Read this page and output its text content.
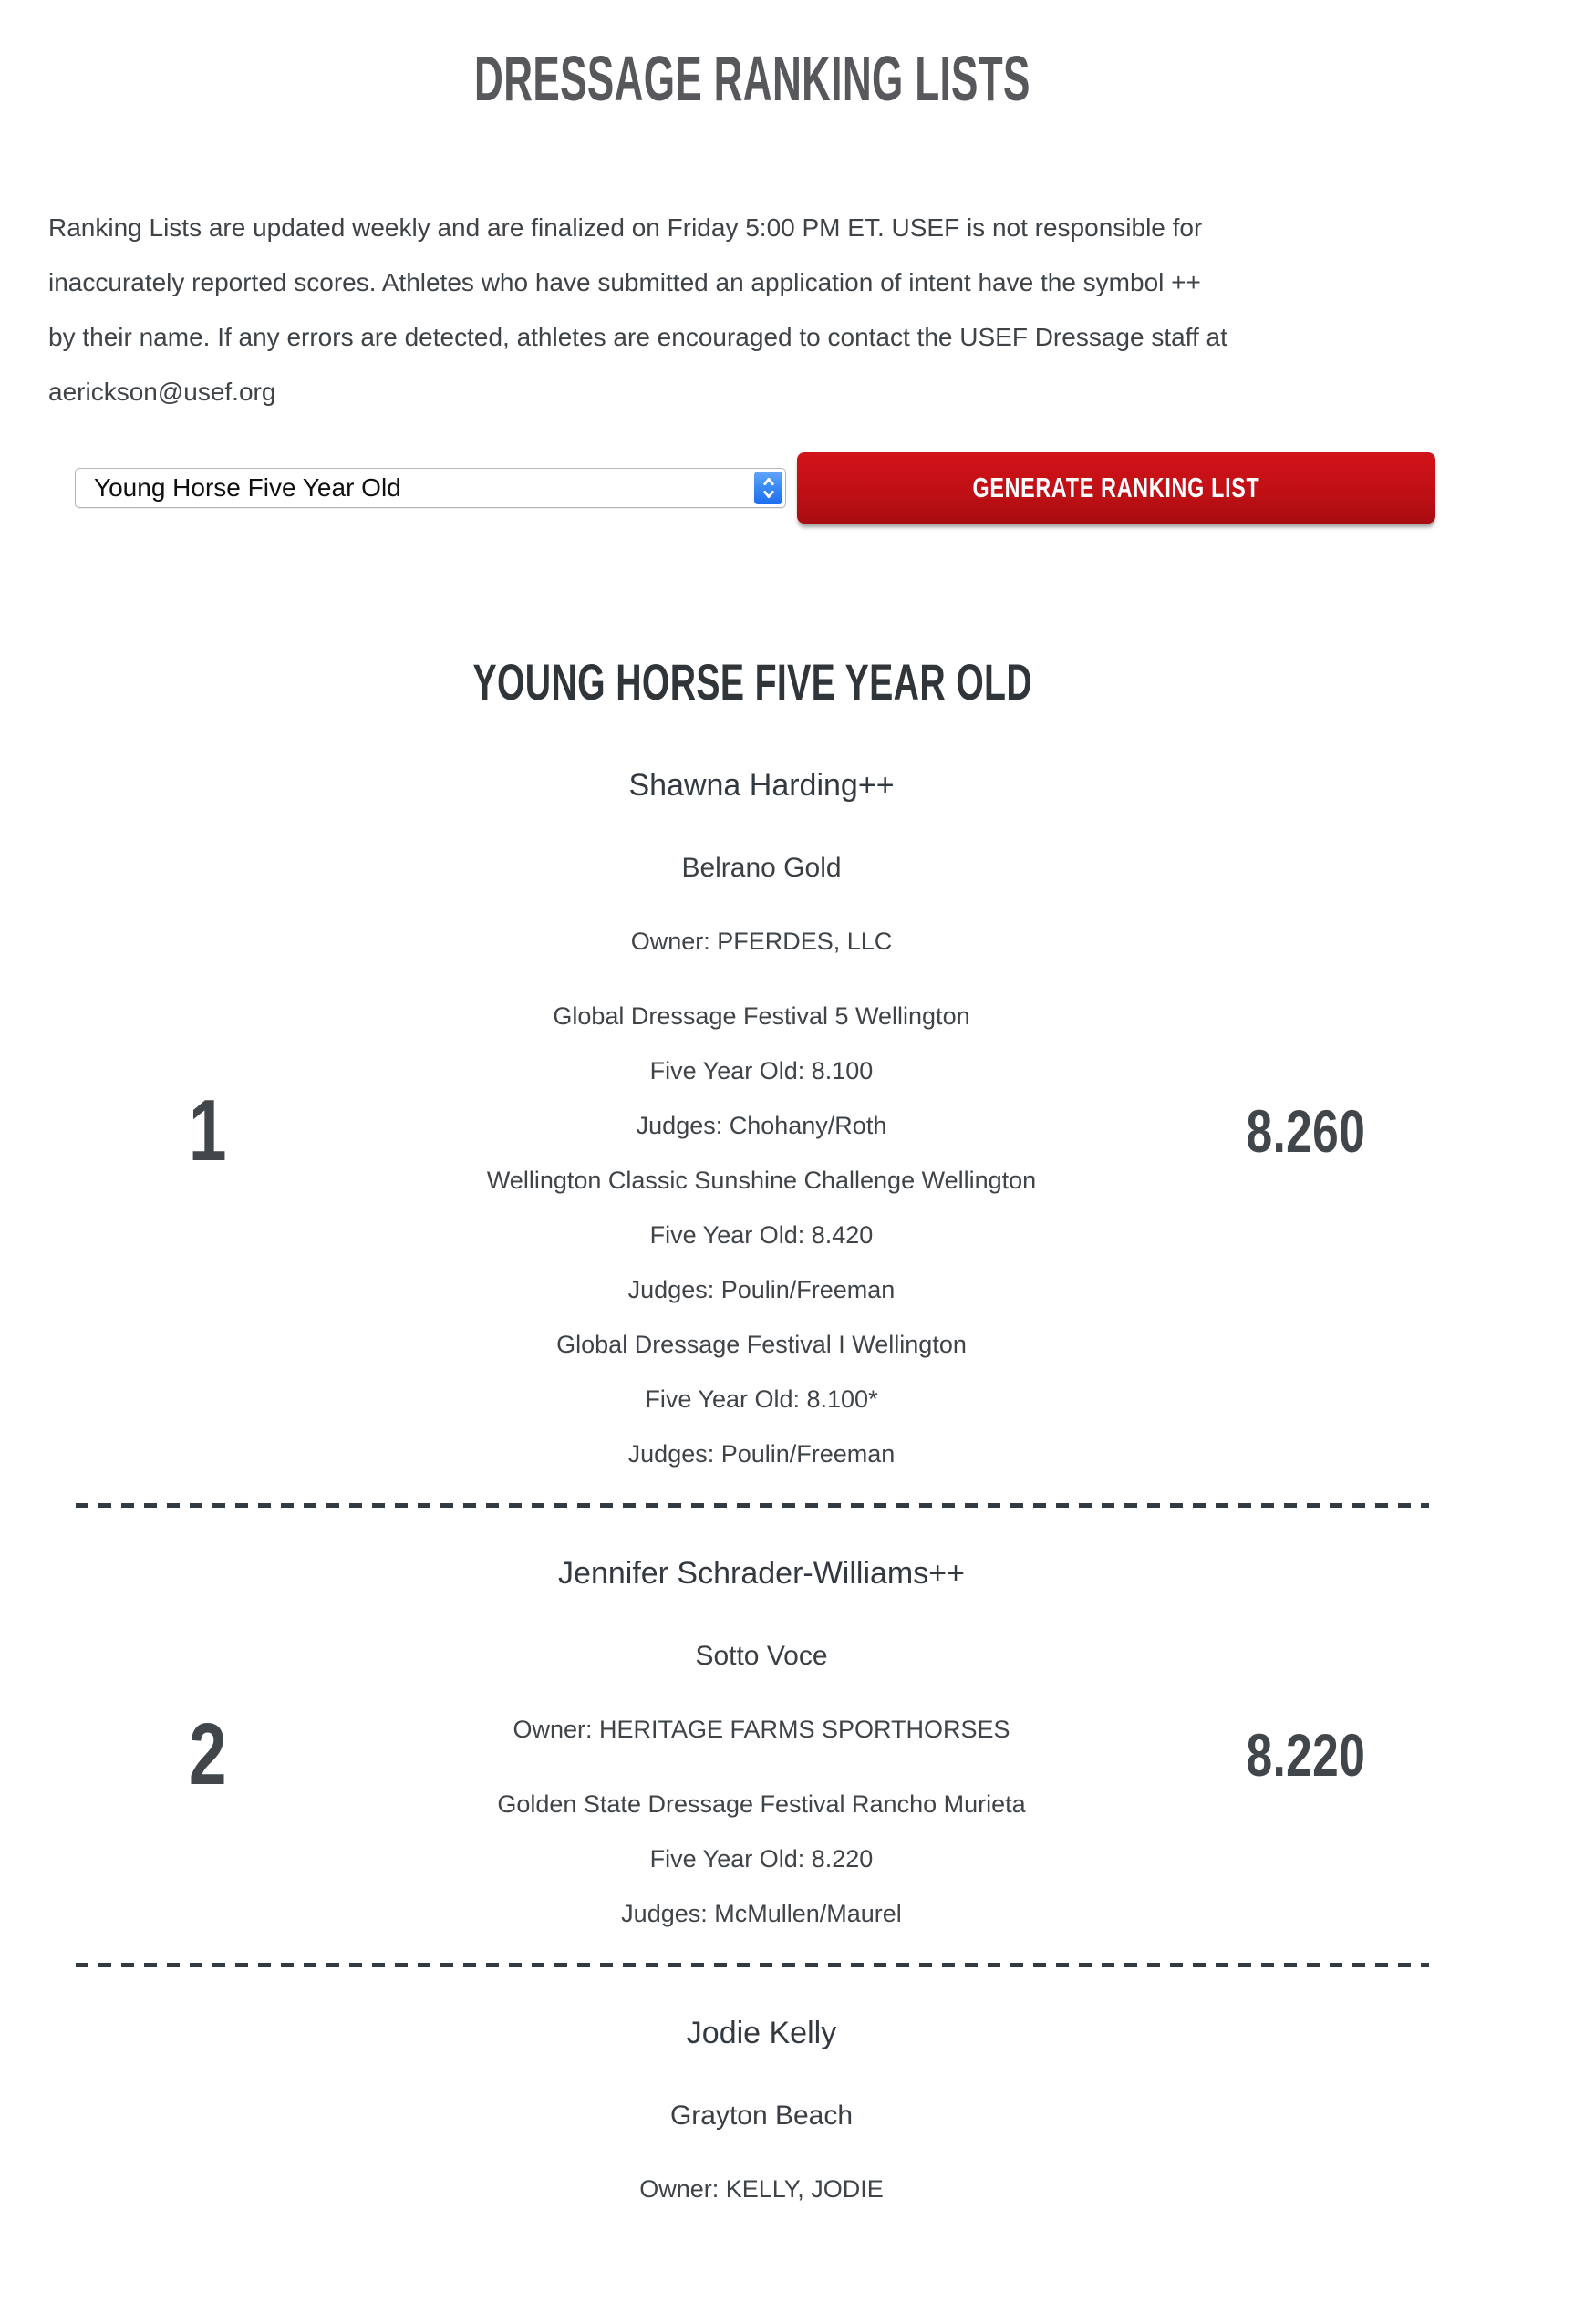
DRESSAGE RANKING LISTS
Ranking Lists are updated weekly and are finalized on Friday 5:00 PM ET. USEF is not responsible for
inaccurately reported scores. Athletes who have submitted an application of intent have the symbol ++
by their name. If any errors are detected, athletes are encouraged to contact the USEF Dressage staff at
aerickson@usef.org
Young Horse Five Year Old	GENERATE RANKING LIST
YOUNG HORSE FIVE YEAR OLD
1
Shawna Harding++
Belrano Gold
Owner: PFERDES, LLC
Global Dressage Festival 5 Wellington
Five Year Old: 8.100
Judges: Chohany/Roth
Wellington Classic Sunshine Challenge Wellington
Five Year Old: 8.420
Judges: Poulin/Freeman
Global Dressage Festival I Wellington
Five Year Old: 8.100*
Judges: Poulin/Freeman
8.260
2
Jennifer Schrader-Williams++
Sotto Voce
Owner: HERITAGE FARMS SPORTHORSES
Golden State Dressage Festival Rancho Murieta
Five Year Old: 8.220
Judges: McMullen/Maurel
8.220
Jodie Kelly
Grayton Beach
Owner: KELLY, JODIE
